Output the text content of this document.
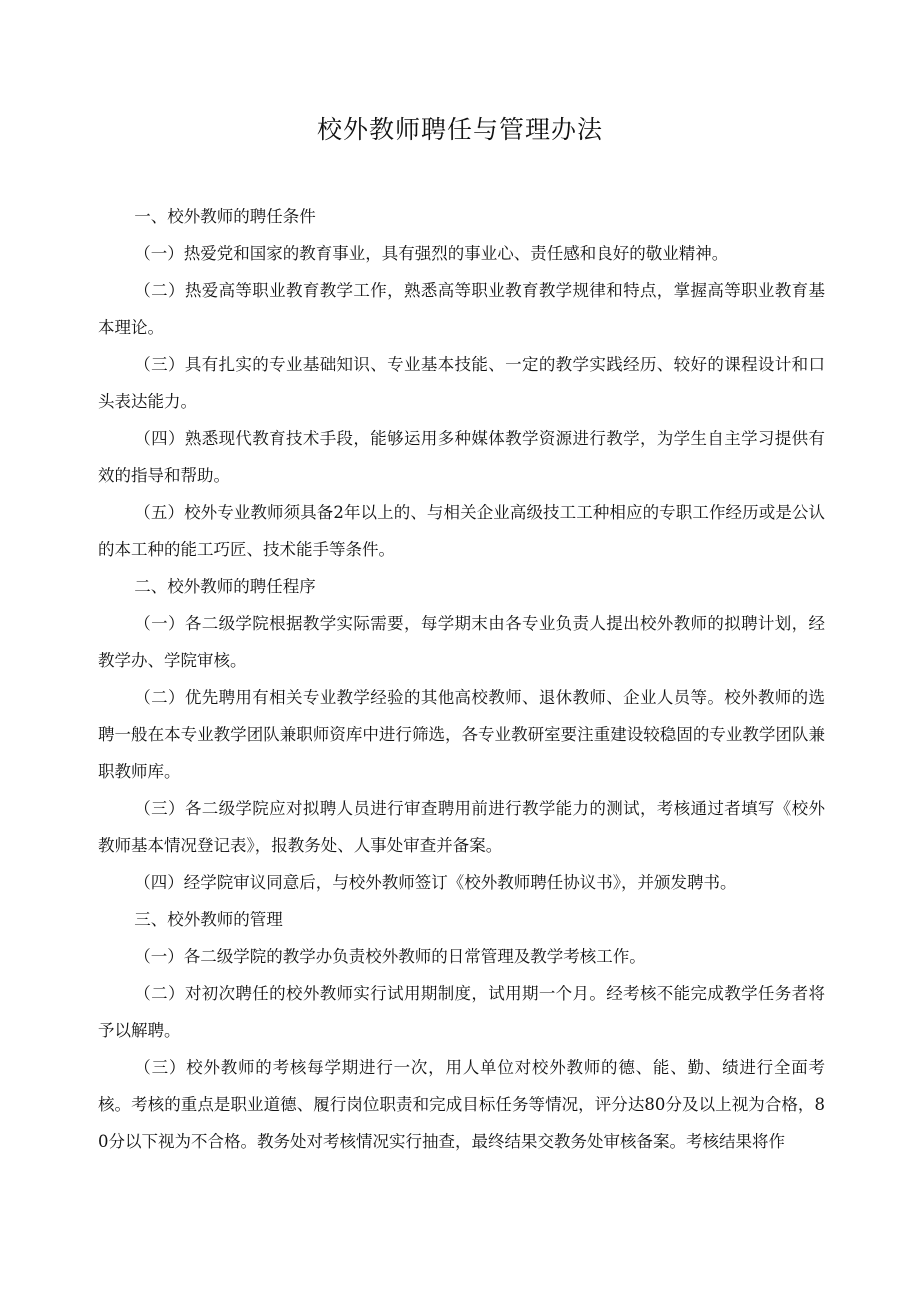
校外教师聘任与管理办法

一、校外教师的聘任条件

（一）热爱党和国家的教育事业，具有强烈的事业心、责任感和良好的敬业精神。

（二）热爱高等职业教育教学工作，熟悉高等职业教育教学规律和特点，掌握高等职业教育基本理论。

（三）具有扎实的专业基础知识、专业基本技能、一定的教学实践经历、较好的课程设计和口头表达能力。

（四）熟悉现代教育技术手段，能够运用多种媒体教学资源进行教学，为学生自主学习提供有效的指导和帮助。

（五）校外专业教师须具备2年以上的、与相关企业高级技工工种相应的专职工作经历或是公认的本工种的能工巧匠、技术能手等条件。

二、校外教师的聘任程序

（一）各二级学院根据教学实际需要，每学期末由各专业负责人提出校外教师的拟聘计划，经教学办、学院审核。

（二）优先聘用有相关专业教学经验的其他高校教师、退休教师、企业人员等。校外教师的选聘一般在本专业教学团队兼职师资库中进行筛选，各专业教研室要注重建设较稳固的专业教学团队兼职教师库。

（三）各二级学院应对拟聘人员进行审查聘用前进行教学能力的测试，考核通过者填写《校外教师基本情况登记表》，报教务处、人事处审查并备案。

（四）经学院审议同意后，与校外教师签订《校外教师聘任协议书》，并颁发聘书。

三、校外教师的管理

（一）各二级学院的教学办负责校外教师的日常管理及教学考核工作。

（二）对初次聘任的校外教师实行试用期制度，试用期一个月。经考核不能完成教学任务者将予以解聘。

（三）校外教师的考核每学期进行一次，用人单位对校外教师的德、能、勤、绩进行全面考核。考核的重点是职业道德、履行岗位职责和完成目标任务等情况，评分达80分及以上视为合格，80分以下视为不合格。教务处对考核情况实行抽查，最终结果交教务处审核备案。考核结果将作
